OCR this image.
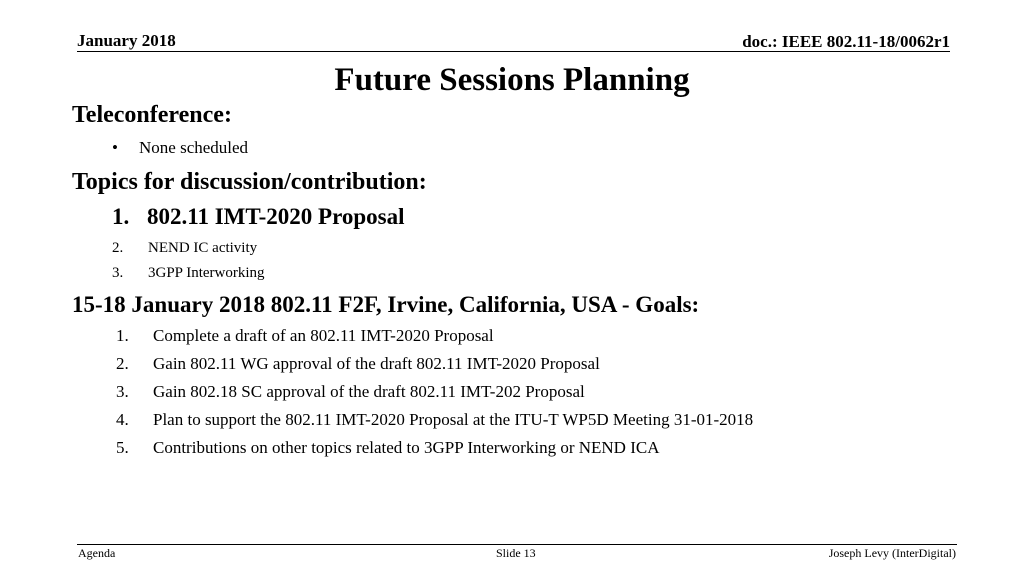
January 2018	doc.: IEEE 802.11-18/0062r1
Future Sessions Planning
Teleconference:
• None scheduled
Topics for discussion/contribution:
1. 802.11 IMT-2020 Proposal
2. NEND IC activity
3. 3GPP Interworking
15-18 January 2018 802.11 F2F, Irvine, California, USA - Goals:
1. Complete a draft of an 802.11 IMT-2020 Proposal
2. Gain 802.11 WG approval of the draft 802.11 IMT-2020 Proposal
3. Gain 802.18 SC approval of the draft 802.11 IMT-202 Proposal
4. Plan to support the 802.11 IMT-2020 Proposal at the ITU-T WP5D Meeting 31-01-2018
5. Contributions on other topics related to 3GPP Interworking or NEND ICA
Agenda	Slide 13	Joseph Levy (InterDigital)
